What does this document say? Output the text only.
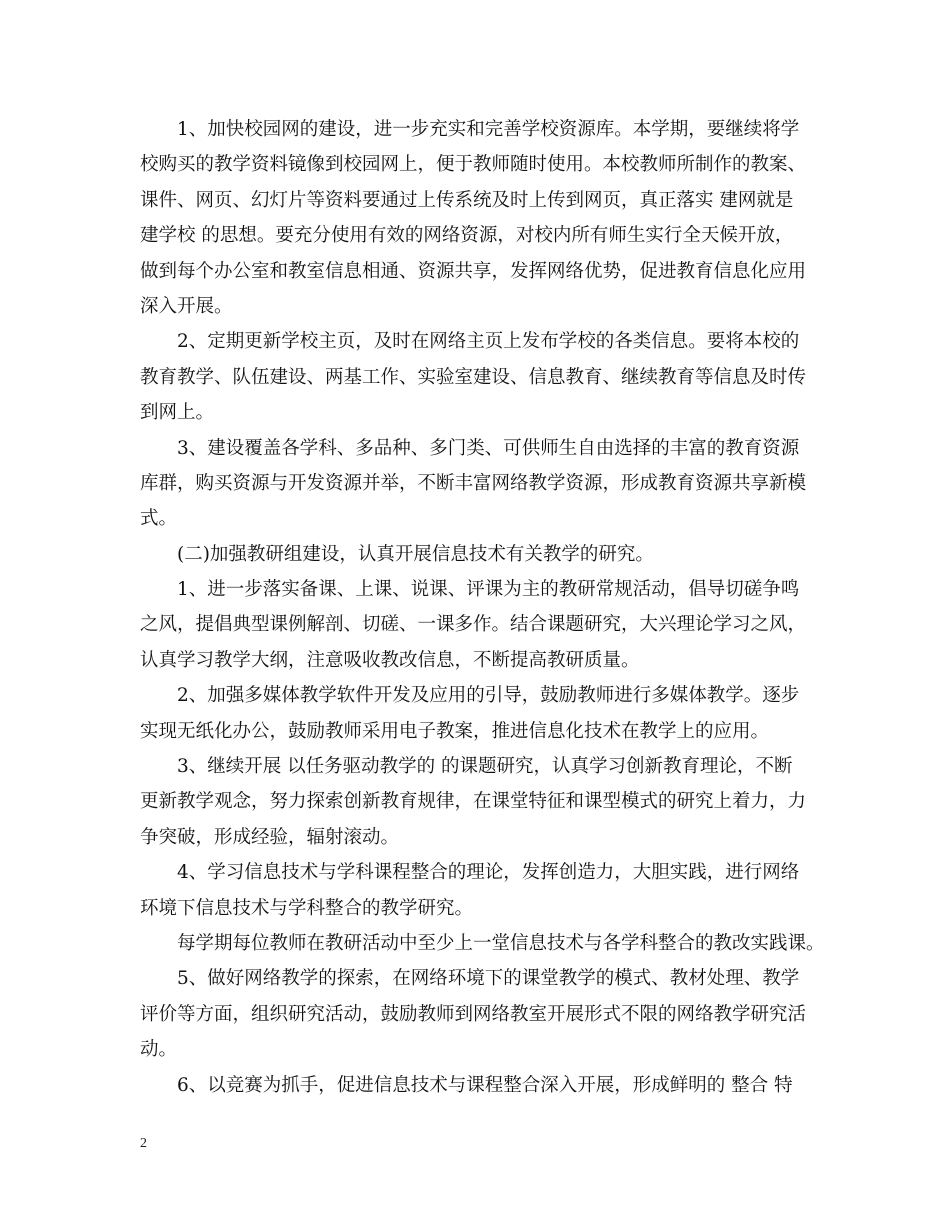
1、加快校园网的建设，进一步充实和完善学校资源库。本学期，要继续将学
校购买的教学资料镜像到校园网上，便于教师随时使用。本校教师所制作的教案、
课件、网页、幻灯片等资料要通过上传系统及时上传到网页，真正落实 建网就是
建学校 的思想。要充分使用有效的网络资源，对校内所有师生实行全天候开放，
做到每个办公室和教室信息相通、资源共享，发挥网络优势，促进教育信息化应用
深入开展。
2、定期更新学校主页，及时在网络主页上发布学校的各类信息。要将本校的
教育教学、队伍建设、两基工作、实验室建设、信息教育、继续教育等信息及时传
到网上。
3、建设覆盖各学科、多品种、多门类、可供师生自由选择的丰富的教育资源
库群，购买资源与开发资源并举，不断丰富网络教学资源，形成教育资源共享新模
式。
(二)加强教研组建设，认真开展信息技术有关教学的研究。
1、进一步落实备课、上课、说课、评课为主的教研常规活动，倡导切磋争鸣
之风，提倡典型课例解剖、切磋、一课多作。结合课题研究，大兴理论学习之风，
认真学习教学大纲，注意吸收教改信息，不断提高教研质量。
2、加强多媒体教学软件开发及应用的引导，鼓励教师进行多媒体教学。逐步
实现无纸化办公，鼓励教师采用电子教案，推进信息化技术在教学上的应用。
3、继续开展 以任务驱动教学的 的课题研究，认真学习创新教育理论，不断
更新教学观念，努力探索创新教育规律，在课堂特征和课型模式的研究上着力，力
争突破，形成经验，辐射滚动。
4、学习信息技术与学科课程整合的理论，发挥创造力，大胆实践，进行网络
环境下信息技术与学科整合的教学研究。
每学期每位教师在教研活动中至少上一堂信息技术与各学科整合的教改实践课。
5、做好网络教学的探索，在网络环境下的课堂教学的模式、教材处理、教学
评价等方面，组织研究活动，鼓励教师到网络教室开展形式不限的网络教学研究活
动。
6、以竞赛为抓手，促进信息技术与课程整合深入开展，形成鲜明的 整合 特
2
